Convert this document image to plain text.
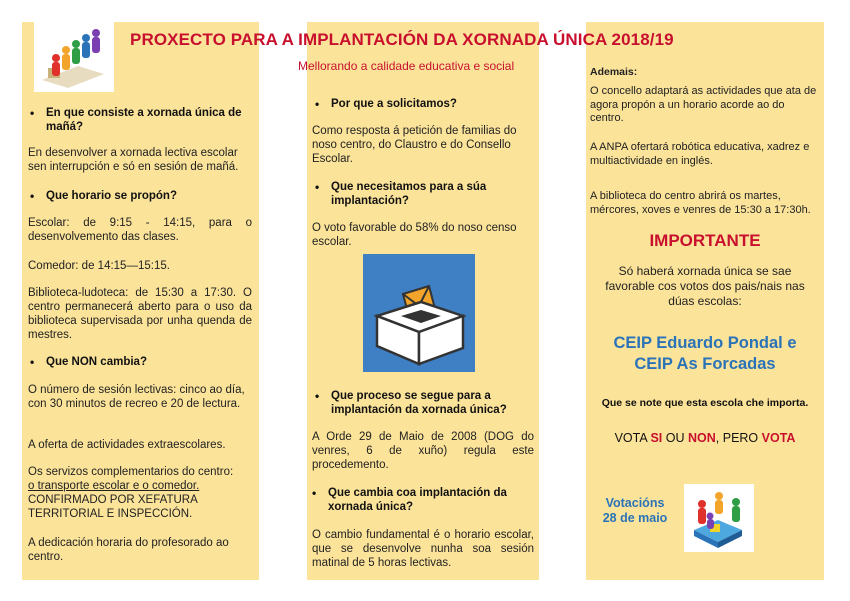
PROXECTO PARA A IMPLANTACIÓN DA XORNADA ÚNICA 2018/19
Mellorando a calidade educativa e social
• En que consiste a xornada única de mañá?
En desenvolver a xornada lectiva escolar sen interrupción e só en sesión de mañá.
• Que horario se propón?
Escolar: de 9:15 - 14:15, para o desenvolvemento das clases.
Comedor: de 14:15—15:15.
Biblioteca-ludoteca: de 15:30 a 17:30. O centro permanecerá aberto para o uso da biblioteca supervisada por unha quenda de mestres.
• Que NON cambia?
O número de sesión lectivas: cinco ao día, con 30 minutos de recreo e 20 de lectura.
A oferta de actividades extraescolares.
Os servizos complementarios do centro:
o transporte escolar e o comedor.
CONFIRMADO POR XEFATURA TERRITORIAL E INSPECCIÓN.
A dedicación horaria do profesorado ao centro.
• Por que a solicitamos?
Como resposta á petición de familias do noso centro, do Claustro e do Consello Escolar.
• Que necesitamos para a súa implantación?
O voto favorable do 58% do noso censo escolar.
• Que proceso se segue para a implantación da xornada única?
A Orde 29 de Maio de 2008 (DOG do venres, 6 de xuño) regula este procedemento.
• Que cambia coa implantación da xornada única?
O cambio fundamental é o horario escolar, que se desenvolve nunha soa sesión matinal de 5 horas lectivas.
Ademais:
O concello adaptará as actividades que ata de agora propón a un horario acorde ao do centro.
A ANPA ofertará robótica educativa, xadrez e multiactividade en inglés.
A biblioteca do centro abrirá os martes, mércores, xoves e venres de 15:30 a 17:30h.
IMPORTANTE
Só haberá xornada única se sae favorable cos votos dos pais/nais nas dúas escolas:
CEIP Eduardo Pondal e
CEIP As Forcadas
Que se note que esta escola che importa.
VOTA SI OU NON, PERO VOTA
Votacións
28 de maio
